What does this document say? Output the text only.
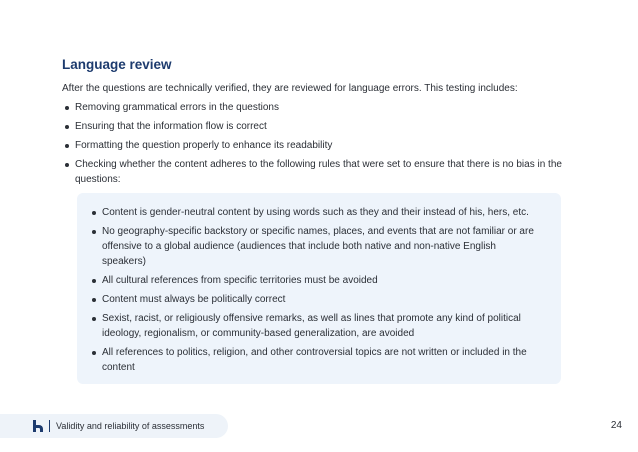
Language review

After the questions are technically verified, they are reviewed for language errors. This testing includes:

Removing grammatical errors in the questions
Ensuring that the information flow is correct
Formatting the question properly to enhance its readability
Checking whether the content adheres to the following rules that were set to ensure that there is no bias in the questions:
Content is gender-neutral content by using words such as they and their instead of his, hers, etc.
No geography-specific backstory or specific names, places, and events that are not familiar or are offensive to a global audience (audiences that include both native and non-native English speakers)
All cultural references from specific territories must be avoided
Content must always be politically correct
Sexist, racist, or religiously offensive remarks, as well as lines that promote any kind of political ideology, regionalism, or community-based generalization, are avoided
All references to politics, religion, and other controversial topics are not written or included in the content
Validity and reliability of assessments	24
